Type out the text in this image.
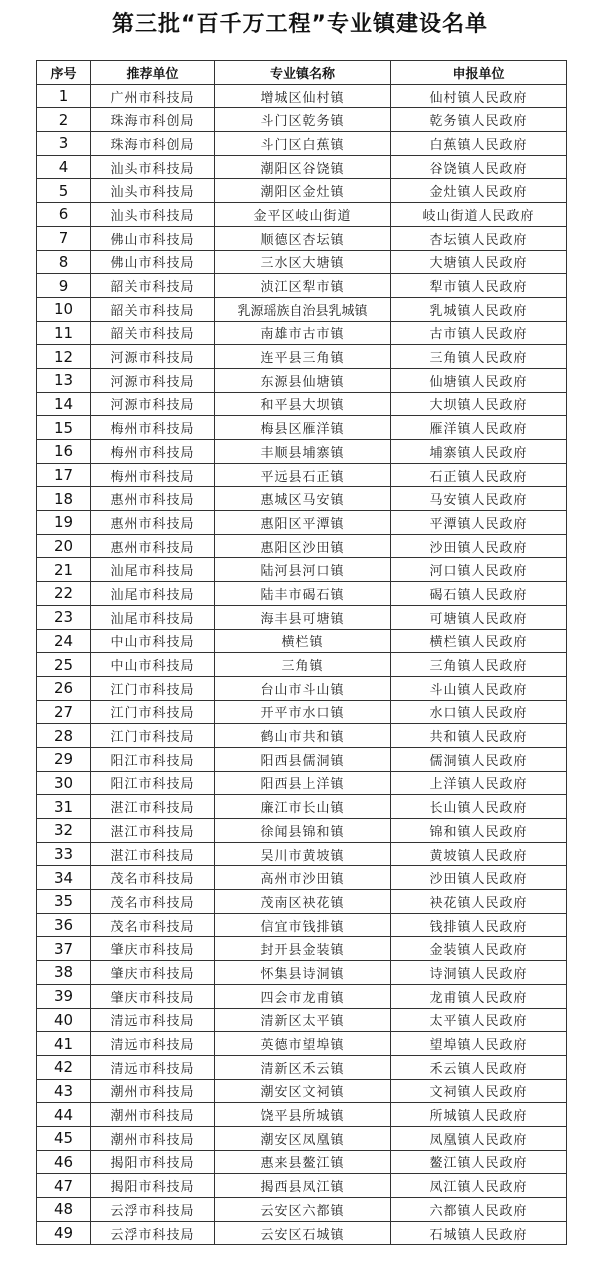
第三批“百千万工程”专业镇建设名单
序号	推荐单位	专业镇名称	申报单位
1	广州市科技局	增城区仙村镇	仙村镇人民政府
2	珠海市科创局	斗门区乾务镇	乾务镇人民政府
3	珠海市科创局	斗门区白蕉镇	白蕉镇人民政府
4	汕头市科技局	潮阳区谷饶镇	谷饶镇人民政府
5	汕头市科技局	潮阳区金灶镇	金灶镇人民政府
6	汕头市科技局	金平区岐山街道	岐山街道人民政府
7	佛山市科技局	顺德区杏坛镇	杏坛镇人民政府
8	佛山市科技局	三水区大塘镇	大塘镇人民政府
9	韶关市科技局	浈江区犁市镇	犁市镇人民政府
10	韶关市科技局	乳源瑶族自治县乳城镇	乳城镇人民政府
11	韶关市科技局	南雄市古市镇	古市镇人民政府
12	河源市科技局	连平县三角镇	三角镇人民政府
13	河源市科技局	东源县仙塘镇	仙塘镇人民政府
14	河源市科技局	和平县大坝镇	大坝镇人民政府
15	梅州市科技局	梅县区雁洋镇	雁洋镇人民政府
16	梅州市科技局	丰顺县埔寨镇	埔寨镇人民政府
17	梅州市科技局	平远县石正镇	石正镇人民政府
18	惠州市科技局	惠城区马安镇	马安镇人民政府
19	惠州市科技局	惠阳区平潭镇	平潭镇人民政府
20	惠州市科技局	惠阳区沙田镇	沙田镇人民政府
21	汕尾市科技局	陆河县河口镇	河口镇人民政府
22	汕尾市科技局	陆丰市碣石镇	碣石镇人民政府
23	汕尾市科技局	海丰县可塘镇	可塘镇人民政府
24	中山市科技局	横栏镇	横栏镇人民政府
25	中山市科技局	三角镇	三角镇人民政府
26	江门市科技局	台山市斗山镇	斗山镇人民政府
27	江门市科技局	开平市水口镇	水口镇人民政府
28	江门市科技局	鹤山市共和镇	共和镇人民政府
29	阳江市科技局	阳西县儒洞镇	儒洞镇人民政府
30	阳江市科技局	阳西县上洋镇	上洋镇人民政府
31	湛江市科技局	廉江市长山镇	长山镇人民政府
32	湛江市科技局	徐闻县锦和镇	锦和镇人民政府
33	湛江市科技局	吴川市黄坡镇	黄坡镇人民政府
34	茂名市科技局	高州市沙田镇	沙田镇人民政府
35	茂名市科技局	茂南区袂花镇	袂花镇人民政府
36	茂名市科技局	信宜市钱排镇	钱排镇人民政府
37	肇庆市科技局	封开县金装镇	金装镇人民政府
38	肇庆市科技局	怀集县诗洞镇	诗洞镇人民政府
39	肇庆市科技局	四会市龙甫镇	龙甫镇人民政府
40	清远市科技局	清新区太平镇	太平镇人民政府
41	清远市科技局	英德市望埠镇	望埠镇人民政府
42	清远市科技局	清新区禾云镇	禾云镇人民政府
43	潮州市科技局	潮安区文祠镇	文祠镇人民政府
44	潮州市科技局	饶平县所城镇	所城镇人民政府
45	潮州市科技局	潮安区凤凰镇	凤凰镇人民政府
46	揭阳市科技局	惠来县鳌江镇	鳌江镇人民政府
47	揭阳市科技局	揭西县凤江镇	凤江镇人民政府
48	云浮市科技局	云安区六都镇	六都镇人民政府
49	云浮市科技局	云安区石城镇	石城镇人民政府
